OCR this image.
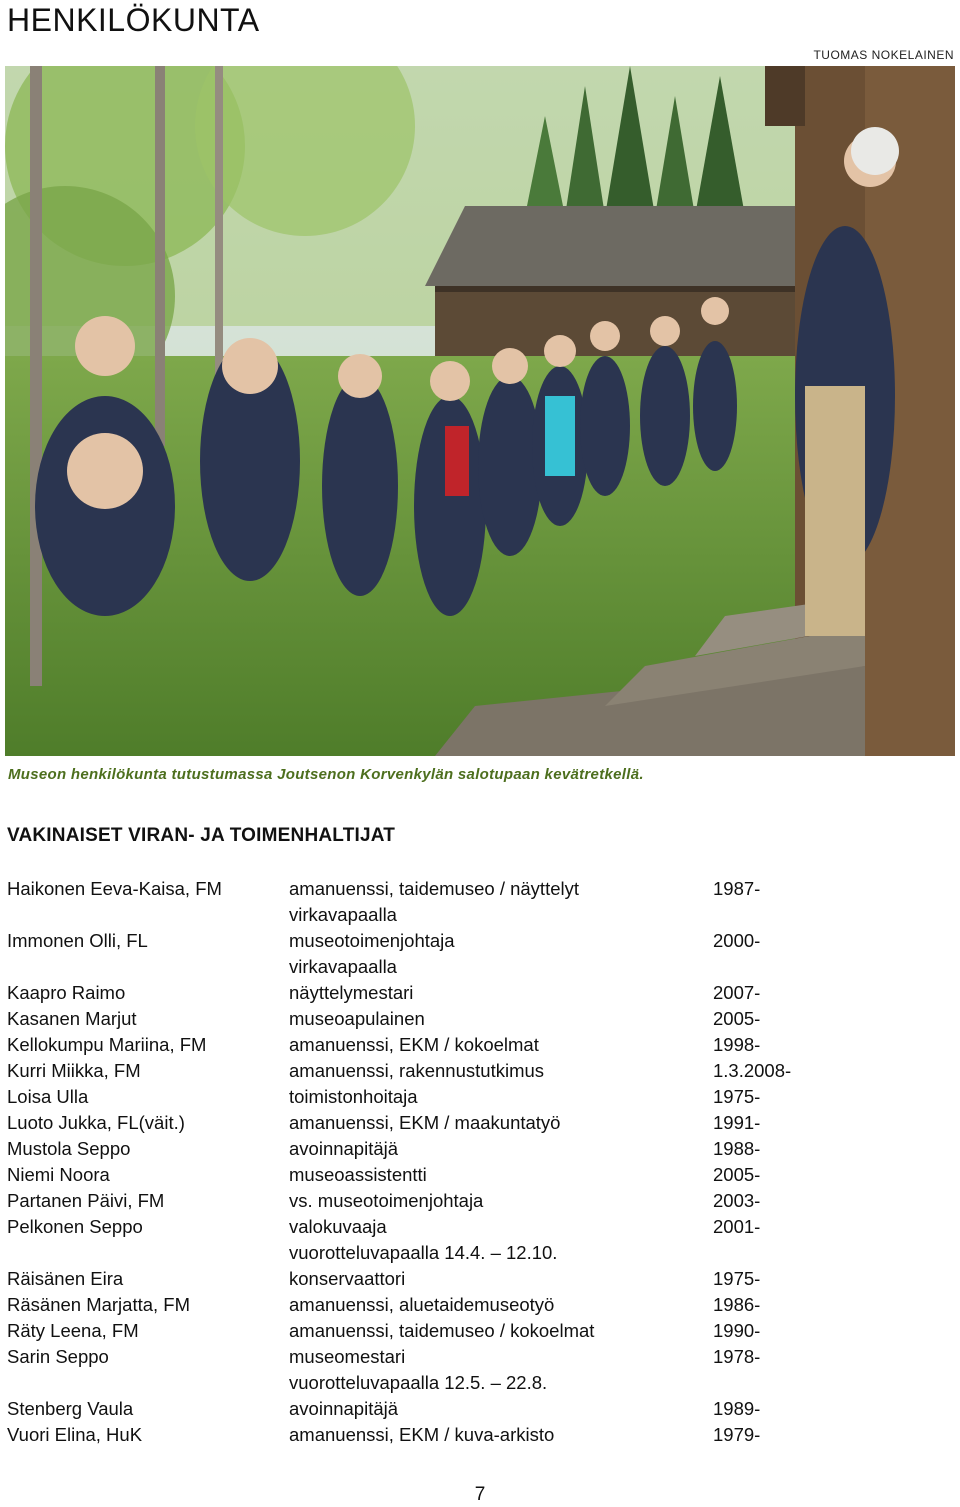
HENKILÖKUNTA
TUOMAS NOKELAINEN
Museon henkilökunta tutustumassa Joutsenon Korvenkylän salotupaan kevätretkellä.
VAKINAISET VIRAN- JA TOIMENHALTIJAT
Haikonen Eeva-Kaisa, FM	amanuenssi, taidemuseo / näyttelyt	1987-
	virkavapaalla	
Immonen Olli, FL	museotoimenjohtaja	2000-
	virkavapaalla	
Kaapro Raimo	näyttelymestari	2007-
Kasanen Marjut	museoapulainen	2005-
Kellokumpu Mariina, FM	amanuenssi, EKM / kokoelmat	1998-
Kurri Miikka, FM	amanuenssi, rakennustutkimus	1.3.2008-
Loisa Ulla	toimistonhoitaja	1975-
Luoto Jukka, FL(väit.)	amanuenssi, EKM / maakuntatyö	1991-
Mustola Seppo	avoinnapitäjä	1988-
Niemi Noora	museoassistentti	2005-
Partanen Päivi, FM	vs. museotoimenjohtaja	2003-
Pelkonen Seppo	valokuvaaja	2001-
	vuorotteluvapaalla 14.4. – 12.10.	
Räisänen Eira	konservaattori	1975-
Räsänen Marjatta, FM	amanuenssi, aluetaidemuseotyö	1986-
Räty Leena, FM	amanuenssi, taidemuseo / kokoelmat	1990-
Sarin Seppo	museomestari	1978-
	vuorotteluvapaalla 12.5. – 22.8.	
Stenberg Vaula	avoinnapitäjä	1989-
Vuori Elina, HuK	amanuenssi, EKM / kuva-arkisto	1979-
7
